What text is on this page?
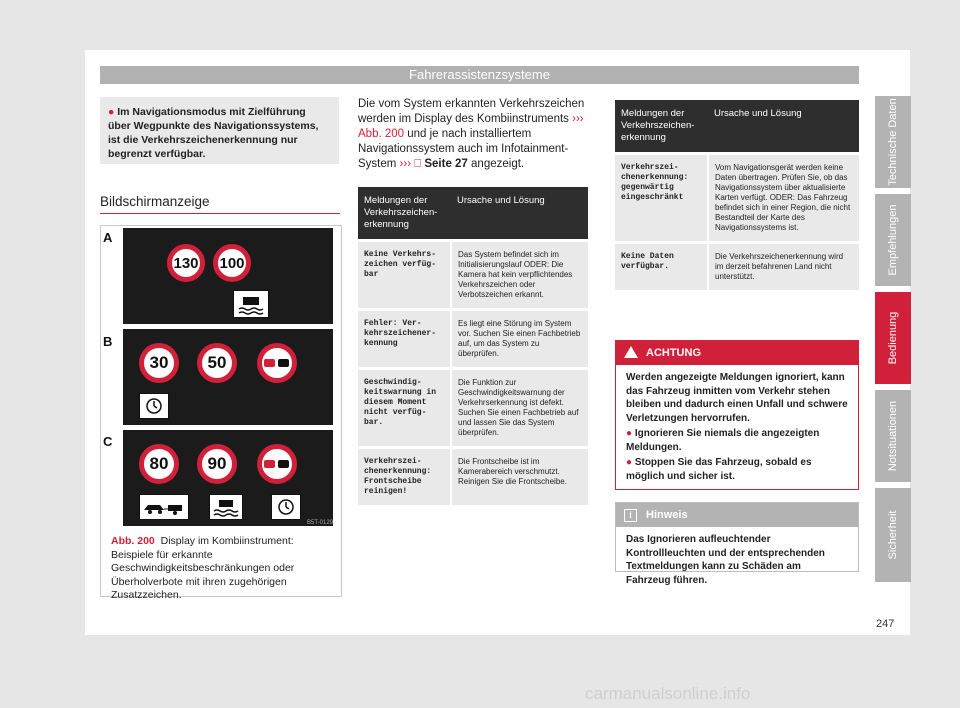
Fahrerassistenzsysteme
Technische Daten
Empfehlungen
Bedienung
Notsituationen
Sicherheit
247
carmanualsonline.info

● Im Navigationsmodus mit Zielführung über Wegpunkte des Navigationssystems, ist die Verkehrszeichenerkennung nur begrenzt verfügbar.

Bildschirmanzeige
A
130	100
B
30	50
C
80	90
B5T-0129
Abb. 200 Display im Kombiinstrument: Beispiele für erkannte Geschwindigkeitsbeschränkungen oder Überholverbote mit ihren zugehörigen Zusatzzeichen.
Die vom System erkannten Verkehrszeichen werden im Display des Kombiinstruments ››› Abb. 200 und je nach installiertem Navigationssystem auch im Infotainment-System ››› ⎕ Seite 27 angezeigt.
Meldungen der Verkehrszeichen-erkennung	Ursache und Lösung
Keine Verkehrs-zeichen verfüg-bar	Das System befindet sich im Initialisierungslauf ODER: Die Kamera hat kein verpflichtendes Verkehrszeichen oder Verbotszeichen erkannt.
Fehler: Ver-kehrszeichener-kennung	Es liegt eine Störung im System vor. Suchen Sie einen Fachbetrieb auf, um das System zu überprüfen.
Geschwindig-keitswarnung in diesem Moment nicht verfüg-bar.	Die Funktion zur Geschwindigkeitswarnung der Verkehrserkennung ist defekt. Suchen Sie einen Fachbetrieb auf und lassen Sie das System überprüfen.
Verkehrszei-chenerkennung: Frontscheibe reinigen!	Die Frontscheibe ist im Kamerabereich verschmutzt. Reinigen Sie die Frontscheibe.
Meldungen der Verkehrszeichen-erkennung	Ursache und Lösung
Verkehrszei-chenerkennung: gegenwärtig eingeschränkt	Vom Navigationsgerät werden keine Daten übertragen. Prüfen Sie, ob das Navigationssystem über aktualisierte Karten verfügt. ODER: Das Fahrzeug befindet sich in einer Region, die nicht Bestandteil der Karte des Navigationssystems ist.
Keine Daten verfügbar.	Die Verkehrszeichenerkennung wird im derzeit befahrenen Land nicht unterstützt.
ACHTUNG

Werden angezeigte Meldungen ignoriert, kann das Fahrzeug inmitten vom Verkehr stehen bleiben und dadurch einen Unfall und schwere Verletzungen hervorrufen.

● Ignorieren Sie niemals die angezeigten Meldungen.

● Stoppen Sie das Fahrzeug, sobald es möglich und sicher ist.

i	Hinweis
Das Ignorieren aufleuchtender Kontrollleuchten und der entsprechenden Textmeldungen kann zu Schäden am Fahrzeug führen.
